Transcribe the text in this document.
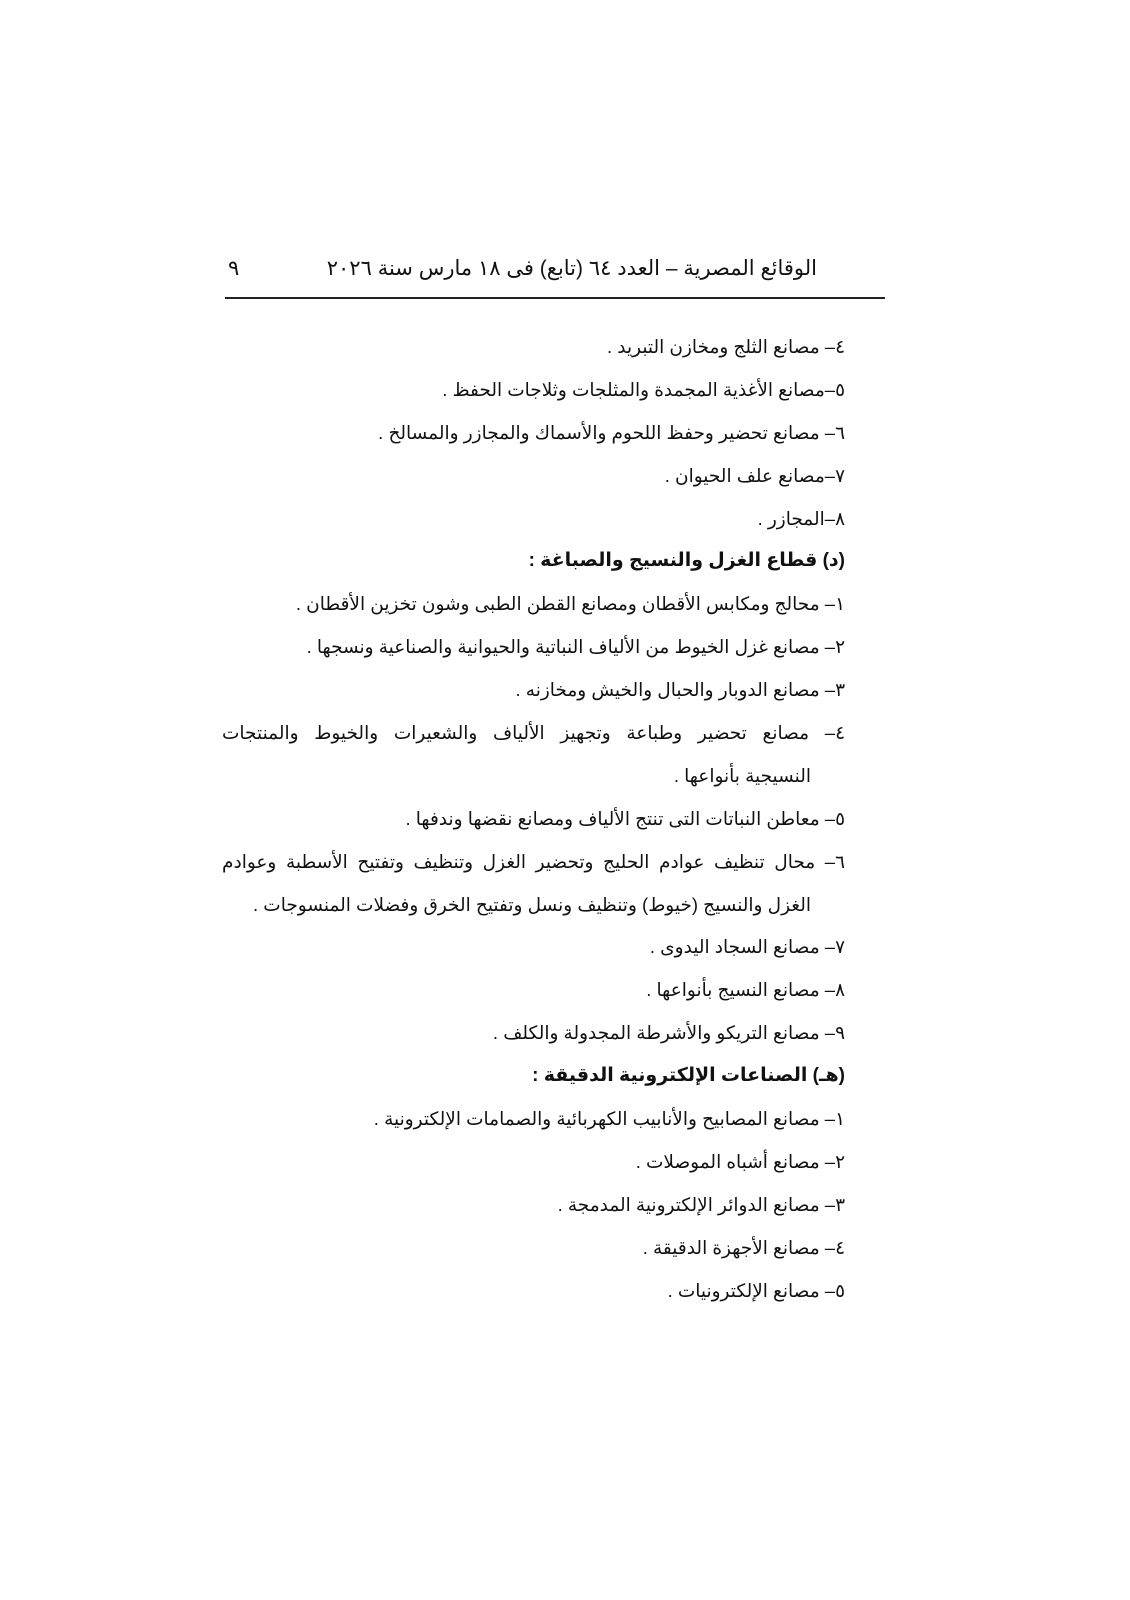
الوقائع المصرية – العدد ٦٤ (تابع) فى ١٨ مارس سنة ٢٠٢٦
٩
٤– مصانع الثلج ومخازن التبريد .
٥–مصانع الأغذية المجمدة والمثلجات وثلاجات الحفظ .
٦– مصانع تحضير وحفظ اللحوم والأسماك والمجازر والمسالخ .
٧–مصانع علف الحيوان .
٨–المجازر .
(د) قطاع الغزل والنسيج والصباغة :
١– محالج ومكابس الأقطان ومصانع القطن الطبى وشون تخزين الأقطان .
٢– مصانع غزل الخيوط من الألياف النباتية والحيوانية والصناعية ونسجها .
٣– مصانع الدوبار والحبال والخيش ومخازنه .
٤– مصانع تحضير وطباعة وتجهيز الألياف والشعيرات والخيوط والمنتجات
النسيجية بأنواعها .
٥– معاطن النباتات التى تنتج الألياف ومصانع نقضها وندفها .
٦– محال تنظيف عوادم الحليج وتحضير الغزل وتنظيف وتفتيح الأسطبة وعوادم
الغزل والنسيج (خيوط) وتنظيف ونسل وتفتيح الخرق وفضلات المنسوجات .
٧– مصانع السجاد اليدوى .
٨– مصانع النسيج بأنواعها .
٩– مصانع التريكو والأشرطة المجدولة والكلف .
(هـ) الصناعات الإلكترونية الدقيقة :
١– مصانع المصابيح والأنابيب الكهربائية والصمامات الإلكترونية .
٢– مصانع أشباه الموصلات .
٣– مصانع الدوائر الإلكترونية المدمجة .
٤– مصانع الأجهزة الدقيقة .
٥– مصانع الإلكترونيات .
